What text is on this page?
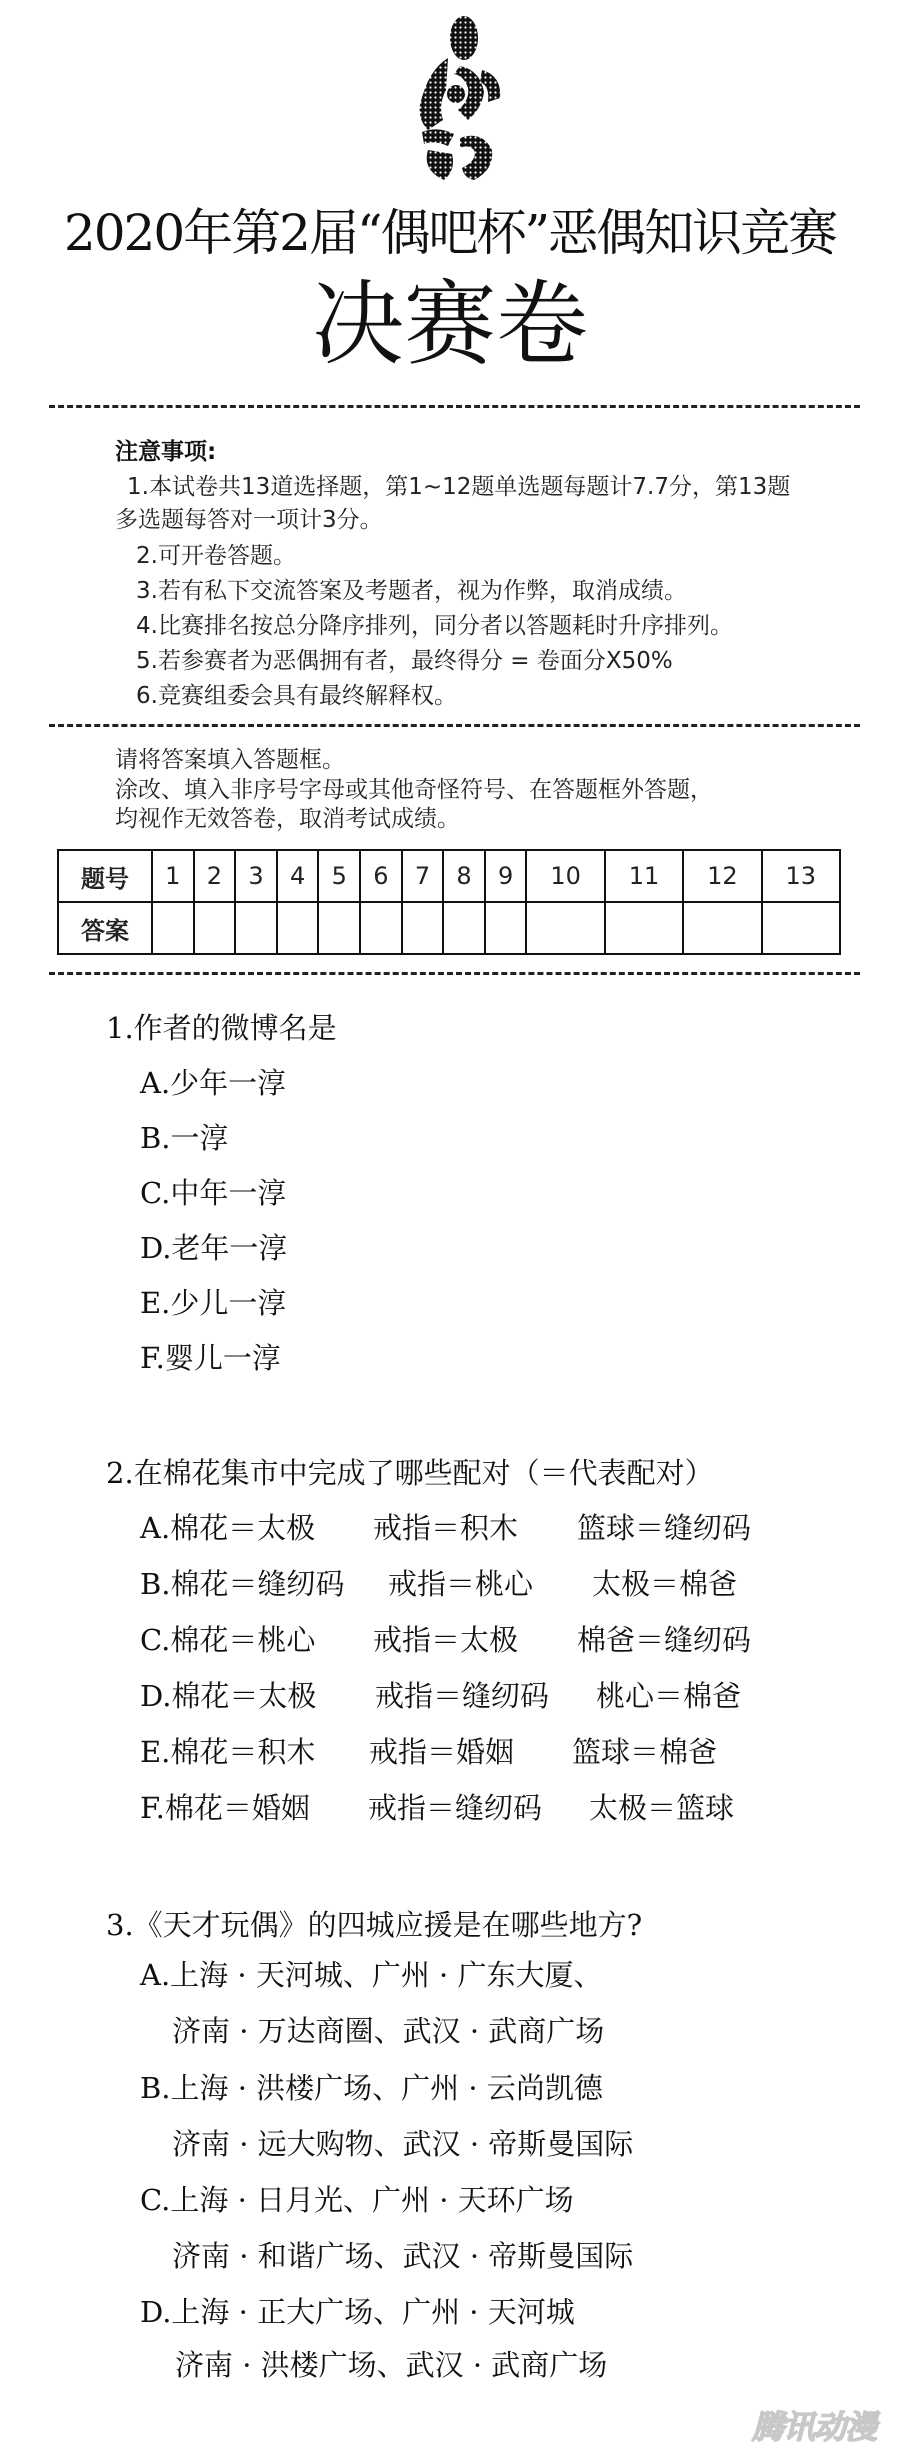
2020年第2届“偶吧杯”恶偶知识竞赛
决赛卷
注意事项:
1.本试卷共13道选择题，第1~12题单选题每题计7.7分，第13题
多选题每答对一项计3分。
2.可开卷答题。
3.若有私下交流答案及考题者，视为作弊，取消成绩。
4.比赛排名按总分降序排列，同分者以答题耗时升序排列。
5.若参赛者为恶偶拥有者，最终得分 = 卷面分X50%
6.竞赛组委会具有最终解释权。
请将答案填入答题框。
涂改、填入非序号字母或其他奇怪符号、在答题框外答题，
均视作无效答卷，取消考试成绩。
题号	1	2	3	4	5	6	7	8	9	10	11	12	13
答案													
1.作者的微博名是
A.少年一淳
B.一淳
C.中年一淳
D.老年一淳
E.少儿一淳
F.婴儿一淳
2.在棉花集市中完成了哪些配对（＝代表配对）

A.棉花＝太极

戒指＝积木

篮球＝缝纫码

B.棉花＝缝纫码

戒指＝桃心

太极＝棉爸

C.棉花＝桃心

戒指＝太极

棉爸＝缝纫码

D.棉花＝太极

戒指＝缝纫码

桃心＝棉爸

E.棉花＝积木

戒指＝婚姻

篮球＝棉爸

F.棉花＝婚姻

戒指＝缝纫码

太极＝篮球

3.《天才玩偶》的四城应援是在哪些地方?
A.上海 · 天河城、广州 · 广东大厦、
济南 · 万达商圈、武汉 · 武商广场
B.上海 · 洪楼广场、广州 · 云尚凯德
济南 · 远大购物、武汉 · 帝斯曼国际
C.上海 · 日月光、广州 · 天环广场
济南 · 和谐广场、武汉 · 帝斯曼国际
D.上海 · 正大广场、广州 · 天河城
济南 · 洪楼广场、武汉 · 武商广场
腾讯动漫
